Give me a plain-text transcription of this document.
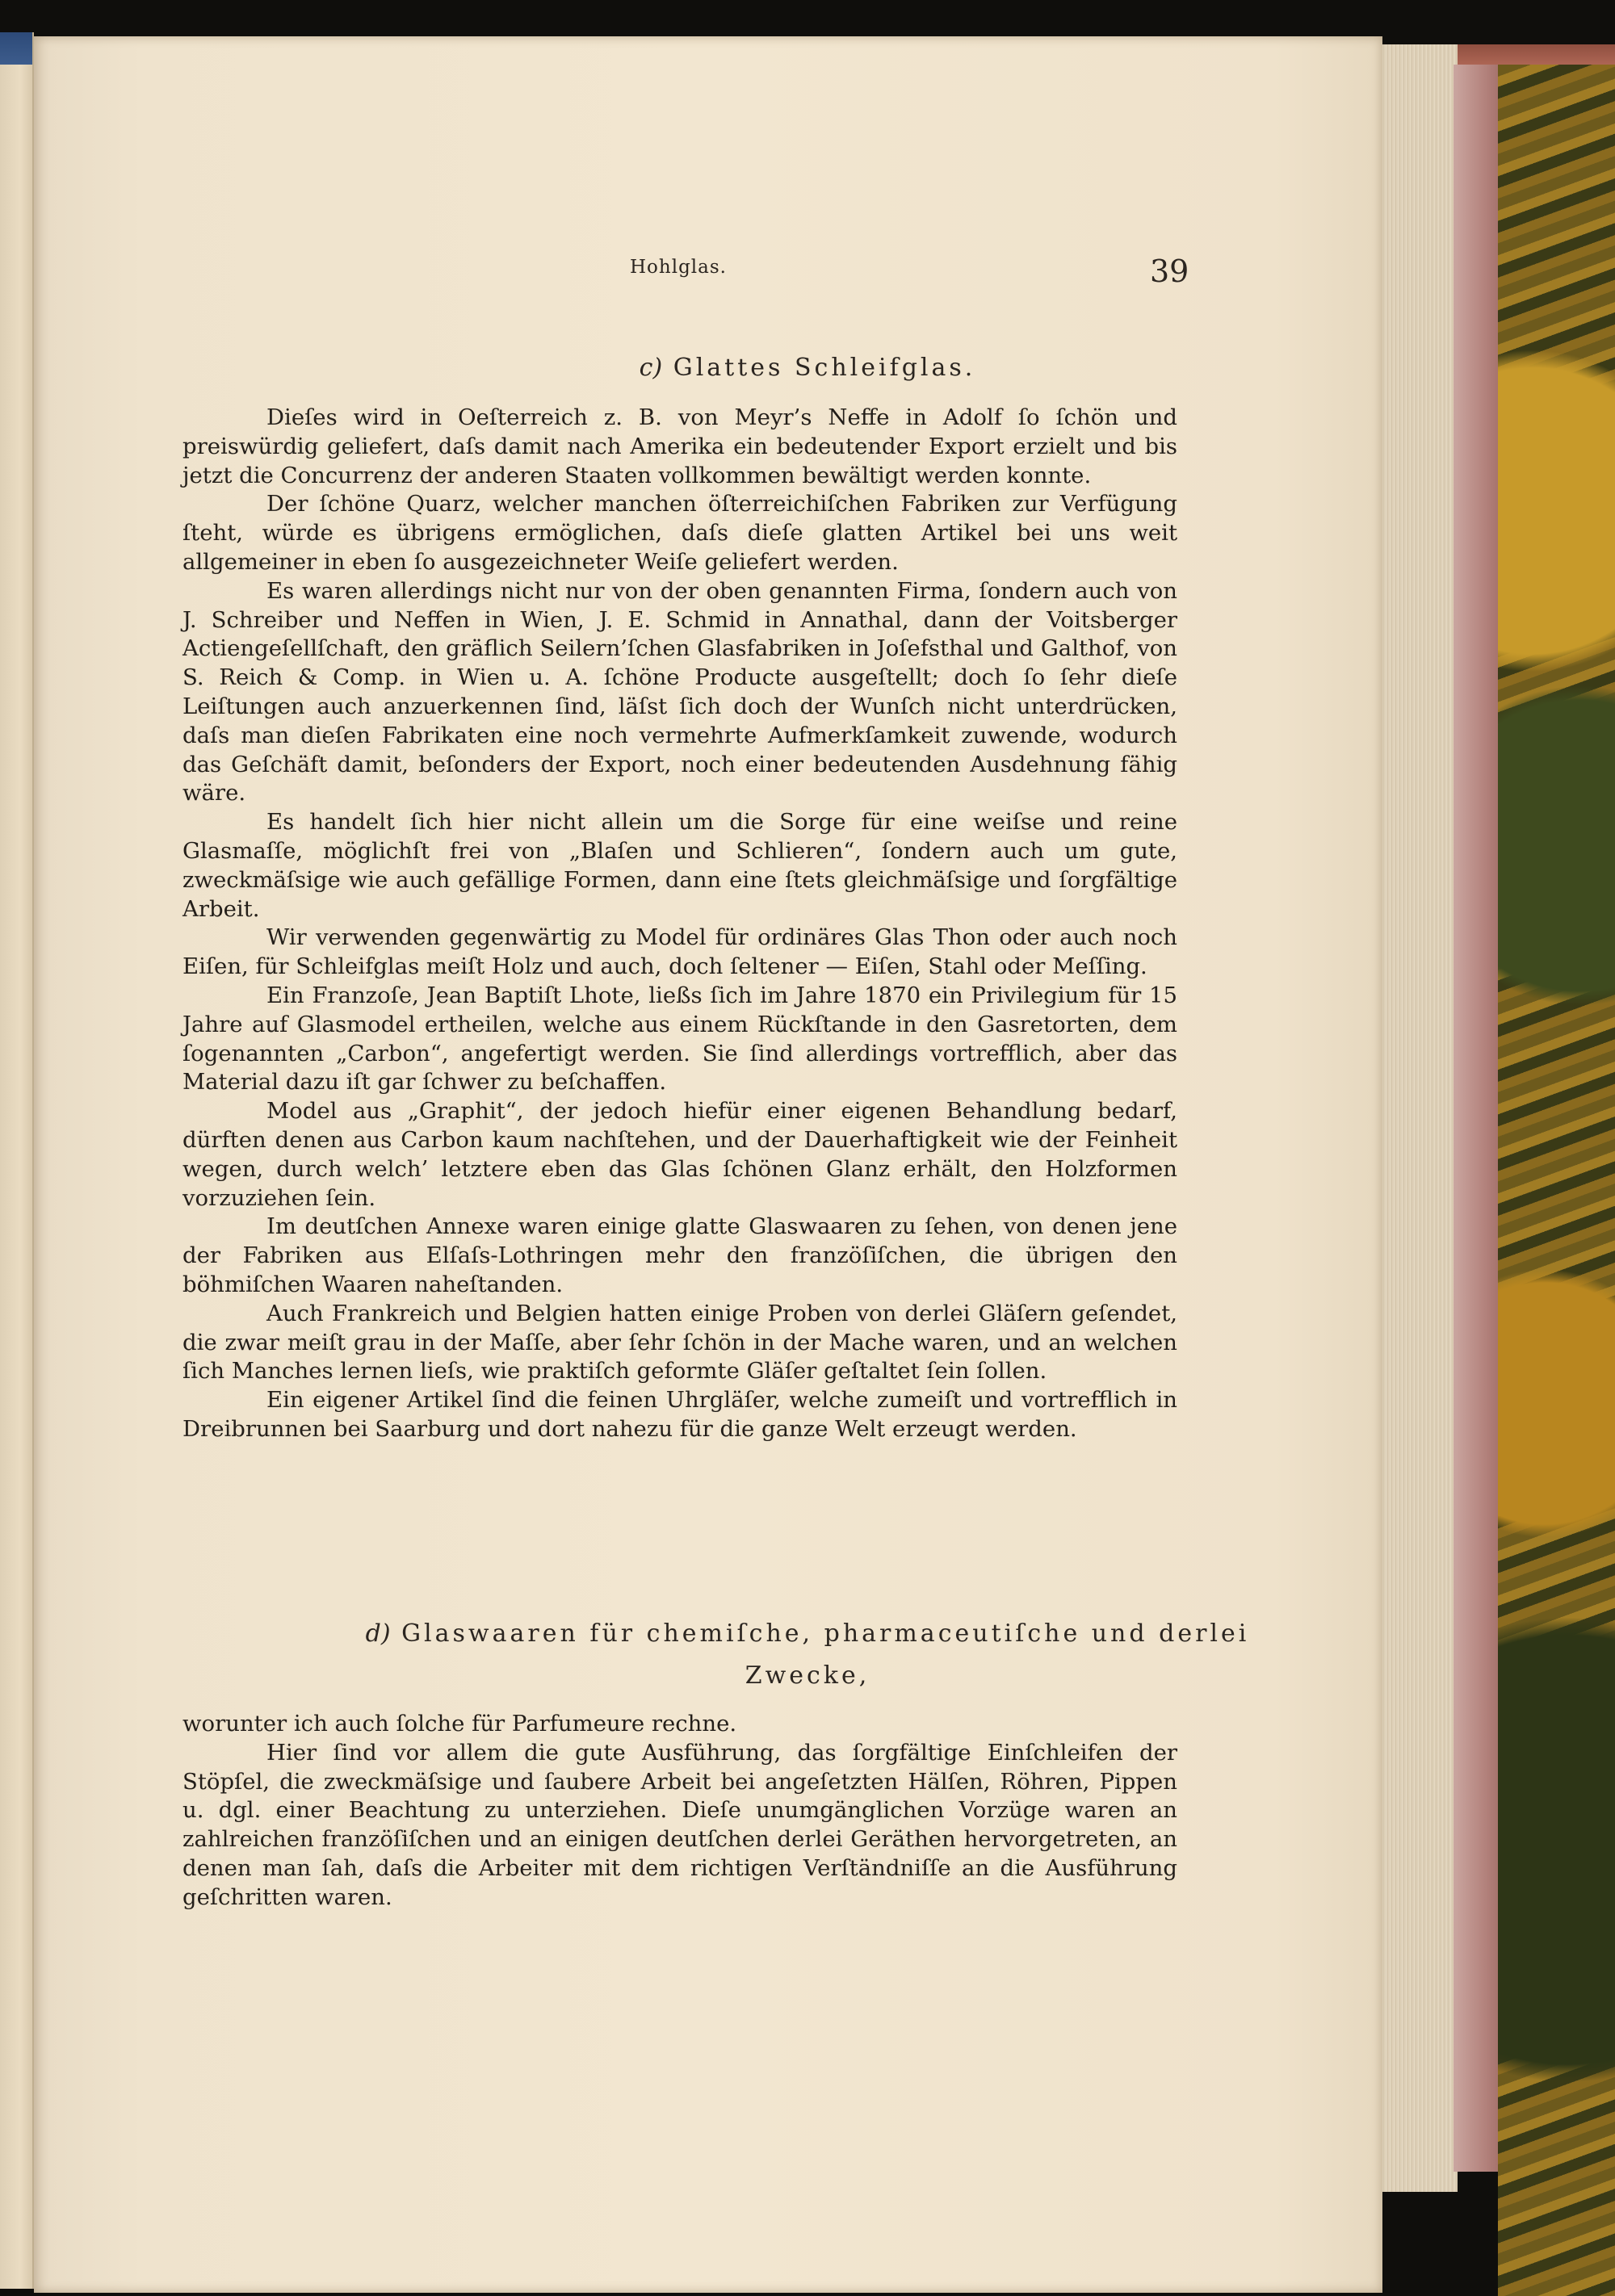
Hohlglas.	39
c) Glattes Schleifglas.

Dieſes wird in Oeſterreich z. B. von Meyr’s Neffe in Adolf ſo ſchön und preiswürdig geliefert, daſs damit nach Amerika ein bedeutender Export erzielt und bis jetzt die Concurrenz der anderen Staaten vollkommen bewältigt werden konnte.

Der ſchöne Quarz, welcher manchen öſterreichiſchen Fabriken zur Verfügung ſteht, würde es übrigens ermöglichen, daſs dieſe glatten Artikel bei uns weit allgemeiner in eben ſo ausgezeichneter Weiſe geliefert werden.

Es waren allerdings nicht nur von der oben genannten Firma, ſondern auch von J. Schreiber und Neffen in Wien, J. E. Schmid in Annathal, dann der Voitsberger Actiengeſellſchaft, den gräflich Seilern’ſchen Glasfabriken in Joſefsthal und Galthof, von S. Reich & Comp. in Wien u. A. ſchöne Producte ausgeſtellt; doch ſo ſehr dieſe Leiſtungen auch anzuerkennen ſind, läſst ſich doch der Wunſch nicht unterdrücken, daſs man dieſen Fabrikaten eine noch vermehrte Aufmerkſamkeit zuwende, wodurch das Geſchäft damit, beſonders der Export, noch einer bedeutenden Ausdehnung fähig wäre.

Es handelt ſich hier nicht allein um die Sorge für eine weiſse und reine Glasmaſſe, möglichſt frei von „Blaſen und Schlieren“, ſondern auch um gute, zweckmäſsige wie auch gefällige Formen, dann eine ſtets gleichmäſsige und ſorgfältige Arbeit.

Wir verwenden gegenwärtig zu Model für ordinäres Glas Thon oder auch noch Eiſen, für Schleifglas meiſt Holz und auch, doch ſeltener — Eiſen, Stahl oder Meſſing.

Ein Franzoſe, Jean Baptiſt Lhote, ließs ſich im Jahre 1870 ein Privilegium für 15 Jahre auf Glasmodel ertheilen, welche aus einem Rückſtande in den Gasretorten, dem ſogenannten „Carbon“, angefertigt werden. Sie ſind allerdings vortrefflich, aber das Material dazu iſt gar ſchwer zu beſchaffen.

Model aus „Graphit“, der jedoch hiefür einer eigenen Behandlung bedarf, dürften denen aus Carbon kaum nachſtehen, und der Dauerhaftigkeit wie der Feinheit wegen, durch welch’ letztere eben das Glas ſchönen Glanz erhält, den Holzformen vorzuziehen ſein.

Im deutſchen Annexe waren einige glatte Glaswaaren zu ſehen, von denen jene der Fabriken aus Elſaſs-Lothringen mehr den franzöſiſchen, die übrigen den böhmiſchen Waaren naheſtanden.

Auch Frankreich und Belgien hatten einige Proben von derlei Gläſern geſendet, die zwar meiſt grau in der Maſſe, aber ſehr ſchön in der Mache waren, und an welchen ſich Manches lernen lieſs, wie praktiſch geformte Gläſer geſtaltet ſein ſollen.

Ein eigener Artikel ſind die feinen Uhrgläſer, welche zumeiſt und vortrefflich in Dreibrunnen bei Saarburg und dort nahezu für die ganze Welt erzeugt werden.

d) Glaswaaren für chemiſche, pharmaceutiſche und derlei
Zwecke,

worunter ich auch ſolche für Parfumeure rechne.

Hier ſind vor allem die gute Ausführung, das ſorgfältige Einſchleifen der Stöpſel, die zweckmäſsige und ſaubere Arbeit bei angeſetzten Hälſen, Röhren, Pippen u. dgl. einer Beachtung zu unterziehen. Dieſe unumgänglichen Vorzüge waren an zahlreichen franzöſiſchen und an einigen deutſchen derlei Geräthen hervorgetreten, an denen man ſah, daſs die Arbeiter mit dem richtigen Verſtändniſſe an die Ausführung geſchritten waren.
